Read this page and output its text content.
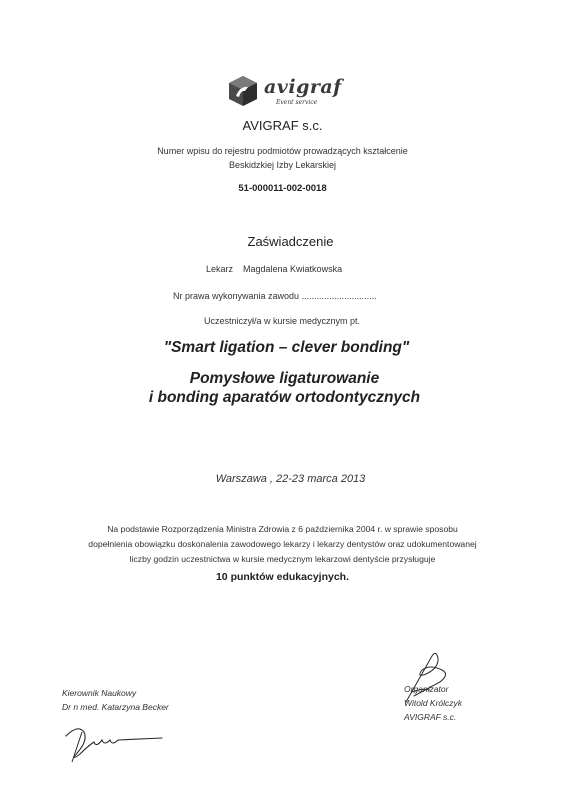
avigraf
Event service
AVIGRAF s.c.
Numer wpisu do rejestru podmiotów prowadzących kształcenie
Beskidzkiej Izby Lekarskiej
51-000011-002-0018
Zaświadczenie
Lekarz Magdalena Kwiatkowska
Nr prawa wykonywania zawodu ..............................
Uczestniczył/a w kursie medycznym pt.
"Smart ligation – clever bonding"
Pomysłowe ligaturowanie
i bonding aparatów ortodontycznych
Warszawa , 22-23 marca 2013
Na podstawie Rozporządzenia Ministra Zdrowia z 6 października 2004 r. w sprawie sposobu
dopełnienia obowiązku doskonalenia zawodowego lekarzy i lekarzy dentystów oraz udokumentowanej
liczby godzin uczestnictwa w kursie medycznym lekarzowi dentyście przysługuje
10 punktów edukacyjnych.
Kierownik Naukowy
Dr n med. Katarzyna Becker
Organizator
Witold Królczyk
AVIGRAF s.c.
